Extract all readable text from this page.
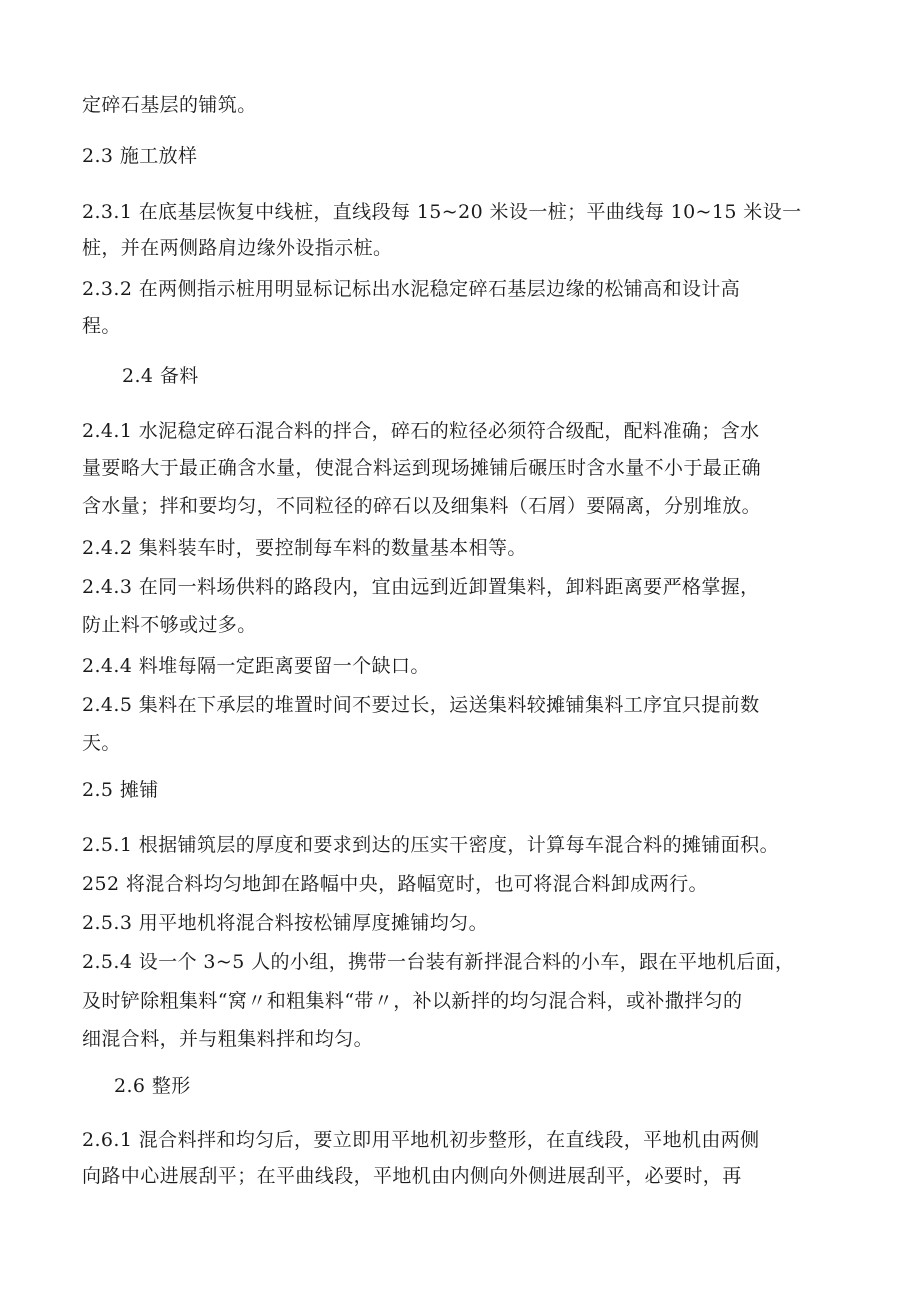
定碎石基层的铺筑。
2.3 施工放样
2.3.1 在底基层恢复中线桩，直线段每 15~20 米设一桩；平曲线每 10~15 米设一
桩，并在两侧路肩边缘外设指示桩。
2.3.2 在两侧指示桩用明显标记标出水泥稳定碎石基层边缘的松铺高和设计高
程。
2.4 备料
2.4.1 水泥稳定碎石混合料的拌合，碎石的粒径必须符合级配，配料准确；含水
量要略大于最正确含水量，使混合料运到现场摊铺后碾压时含水量不小于最正确
含水量；拌和要均匀，不同粒径的碎石以及细集料（石屑）要隔离，分别堆放。
2.4.2 集料装车时，要控制每车料的数量基本相等。
2.4.3 在同一料场供料的路段内，宜由远到近卸置集料，卸料距离要严格掌握，
防止料不够或过多。
2.4.4 料堆每隔一定距离要留一个缺口。
2.4.5 集料在下承层的堆置时间不要过长，运送集料较摊铺集料工序宜只提前数
天。
2.5 摊铺
2.5.1 根据铺筑层的厚度和要求到达的压实干密度，计算每车混合料的摊铺面积。
252 将混合料均匀地卸在路幅中央，路幅宽时，也可将混合料卸成两行。
2.5.3 用平地机将混合料按松铺厚度摊铺均匀。
2.5.4 设一个 3~5 人的小组，携带一台装有新拌混合料的小车，跟在平地机后面，
及时铲除粗集料“窝〃和粗集料“带〃，补以新拌的均匀混合料，或补撒拌匀的
细混合料，并与粗集料拌和均匀。
2.6 整形
2.6.1 混合料拌和均匀后，要立即用平地机初步整形，在直线段，平地机由两侧
向路中心进展刮平；在平曲线段，平地机由内侧向外侧进展刮平，必要时，再
